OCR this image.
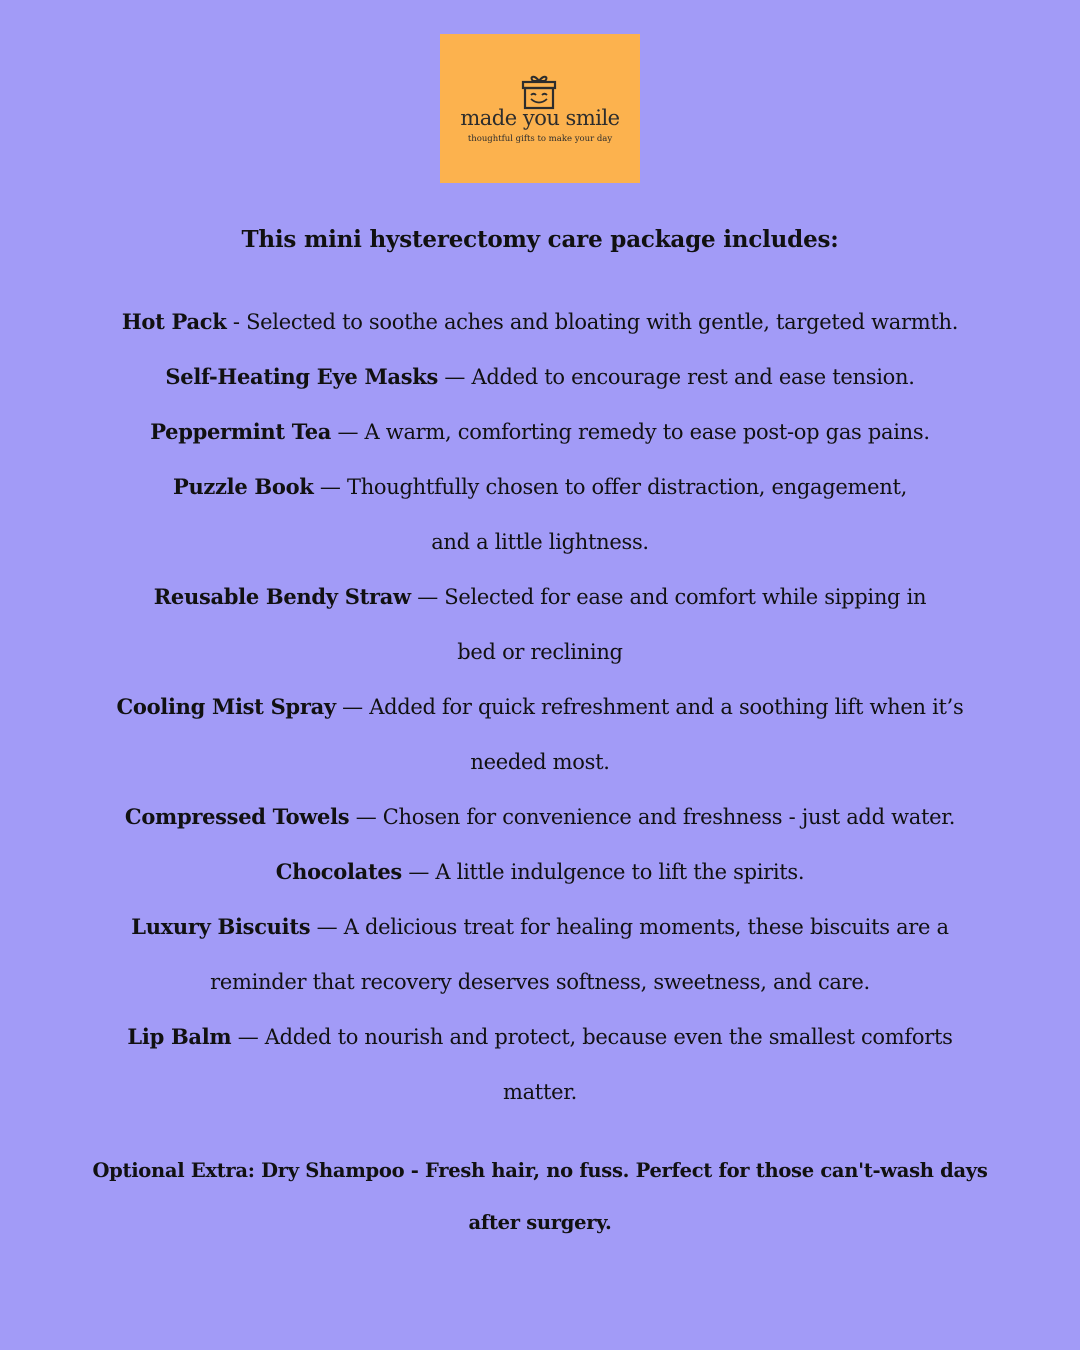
made you smile
thoughtful gifts to make your day
This mini hysterectomy care package includes:
Hot Pack - Selected to soothe aches and bloating with gentle, targeted warmth.
Self-Heating Eye Masks — Added to encourage rest and ease tension.
Peppermint Tea — A warm, comforting remedy to ease post-op gas pains.
Puzzle Book — Thoughtfully chosen to offer distraction, engagement,
and a little lightness.
Reusable Bendy Straw — Selected for ease and comfort while sipping in
bed or reclining
Cooling Mist Spray — Added for quick refreshment and a soothing lift when it’s
needed most.
Compressed Towels — Chosen for convenience and freshness - just add water.
Chocolates — A little indulgence to lift the spirits.
Luxury Biscuits — A delicious treat for healing moments, these biscuits are a
reminder that recovery deserves softness, sweetness, and care.
Lip Balm — Added to nourish and protect, because even the smallest comforts
matter.
Optional Extra: Dry Shampoo - Fresh hair, no fuss. Perfect for those can't-wash days
after surgery.
